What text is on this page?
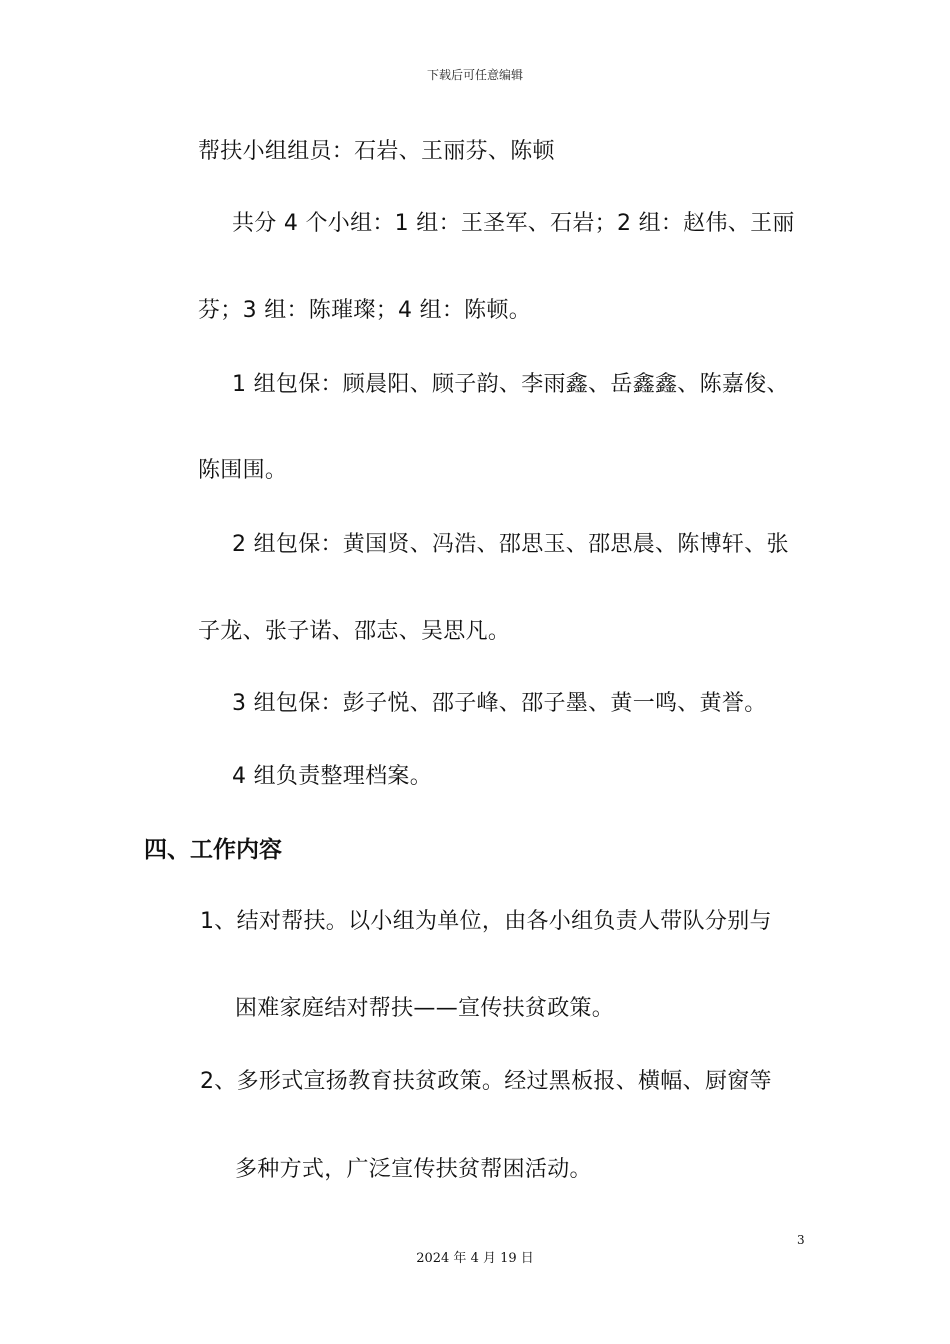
下载后可任意编辑
帮扶小组组员：石岩、王丽芬、陈顿
共分 4 个小组：1 组：王圣军、石岩；2 组：赵伟、王丽
芬；3 组：陈璀璨；4 组：陈顿。
1 组包保：顾晨阳、顾子韵、李雨鑫、岳鑫鑫、陈嘉俊、
陈围围。
2 组包保：黄国贤、冯浩、邵思玉、邵思晨、陈博轩、张
子龙、张子诺、邵志、吴思凡。
3 组包保：彭子悦、邵子峰、邵子墨、黄一鸣、黄誉。
4 组负责整理档案。
四、工作内容
1、结对帮扶。以小组为单位，由各小组负责人带队分别与
困难家庭结对帮扶——宣传扶贫政策。
2、多形式宣扬教育扶贫政策。经过黑板报、横幅、厨窗等
多种方式，广泛宣传扶贫帮困活动。
3
2024 年 4 月 19 日
